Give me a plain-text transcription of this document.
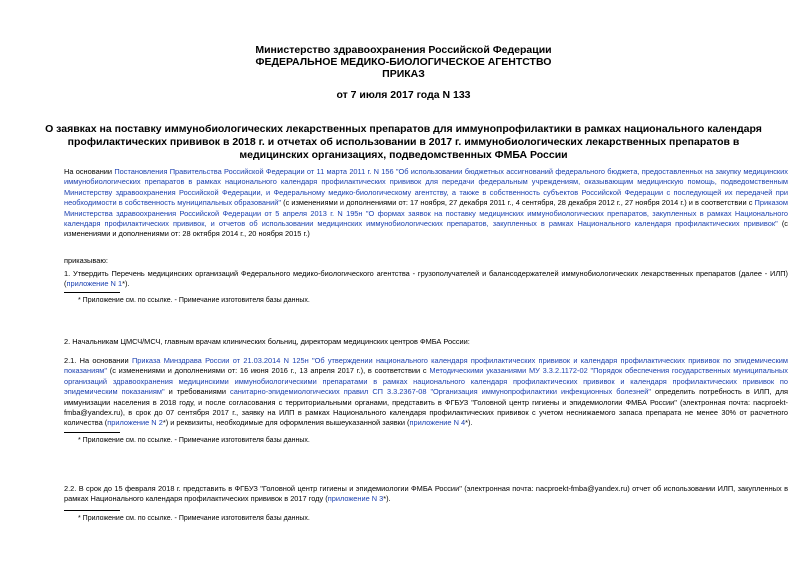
Министерство здравоохранения Российской Федерации
ФЕДЕРАЛЬНОЕ МЕДИКО-БИОЛОГИЧЕСКОЕ АГЕНТСТВО
ПРИКАЗ
от 7 июля 2017 года N 133
О заявках на поставку иммунобиологических лекарственных препаратов для иммунопрофилактики в рамках национального календаря профилактических прививок в 2018 г. и отчетах об использовании в 2017 г. иммунобиологических лекарственных препаратов в медицинских организациях, подведомственных ФМБА России

На основании Постановления Правительства Российской Федерации от 11 марта 2011 г. N 156 "Об использовании бюджетных ассигнований федерального бюджета, предоставленных на закупку медицинских иммунобиологических препаратов в рамках национального календаря профилактических прививок для передачи федеральным учреждениям, оказывающим медицинскую помощь, подведомственным Министерству здравоохранения Российской Федерации, и Федеральному медико-биологическому агентству, а также в собственность субъектов Российской Федерации с последующей их передачей при необходимости в собственность муниципальных образований" (с изменениями и дополнениями от: 17 ноября, 27 декабря 2011 г., 4 сентября, 28 декабря 2012 г., 27 ноября 2014 г.) и в соответствии с Приказом Министерства здравоохранения Российской Федерации от 5 апреля 2013 г. N 195н "О формах заявок на поставку медицинских иммунобиологических препаратов, закупленных в рамках Национального календаря профилактических прививок, и отчетов об использовании медицинских иммунобиологических препаратов, закупленных в рамках Национального календаря профилактических прививок" (с изменениями и дополнениями от: 28 октября 2014 г., 20 ноября 2015 г.)

приказываю:

1. Утвердить Перечень медицинских организаций Федерального медико-биологического агентства - грузополучателей и балансодержателей иммунобиологических лекарственных препаратов (далее - ИЛП) (приложение N 1*).

* Приложение см. по ссылке. - Примечание изготовителя базы данных.

2. Начальникам ЦМСЧ/МСЧ, главным врачам клинических больниц, директорам медицинских центров ФМБА России:

2.1. На основании Приказа Минздрава России от 21.03.2014 N 125н "Об утверждении национального календаря профилактических прививок и календаря профилактических прививок по эпидемическим показаниям" (с изменениями и дополнениями от: 16 июня 2016 г., 13 апреля 2017 г.), в соответствии с Методическими указаниями МУ 3.3.2.1172-02 "Порядок обеспечения государственных муниципальных организаций здравоохранения медицинскими иммунобиологическими препаратами в рамках национального календаря профилактических прививок и календаря профилактических прививок по эпидемическим показаниям" и требованиями санитарно-эпидемиологических правил СП 3.3.2367-08 "Организация иммунопрофилактики инфекционных болезней" определить потребность в ИЛП, для иммунизации населения в 2018 году, и после согласования с территориальными органами, представить в ФГБУЗ "Головной центр гигиены и эпидемиологии ФМБА России" (электронная почта: nacproekt-fmba@yandex.ru), в срок до 07 сентября 2017 г., заявку на ИЛП в рамках Национального календаря профилактических прививок с учетом неснижаемого запаса препарата не менее 30% от расчетного количества (приложение N 2*) и реквизиты, необходимые для оформления вышеуказанной заявки (приложение N 4*).

* Приложение см. по ссылке. - Примечание изготовителя базы данных.

2.2. В срок до 15 февраля 2018 г. представить в ФГБУЗ "Головной центр гигиены и эпидемиологии ФМБА России" (электронная почта: nacproekt-fmba@yandex.ru) отчет об использовании ИЛП, закупленных в рамках Национального календаря профилактических прививок в 2017 году (приложение N 3*).

* Приложение см. по ссылке. - Примечание изготовителя базы данных.
